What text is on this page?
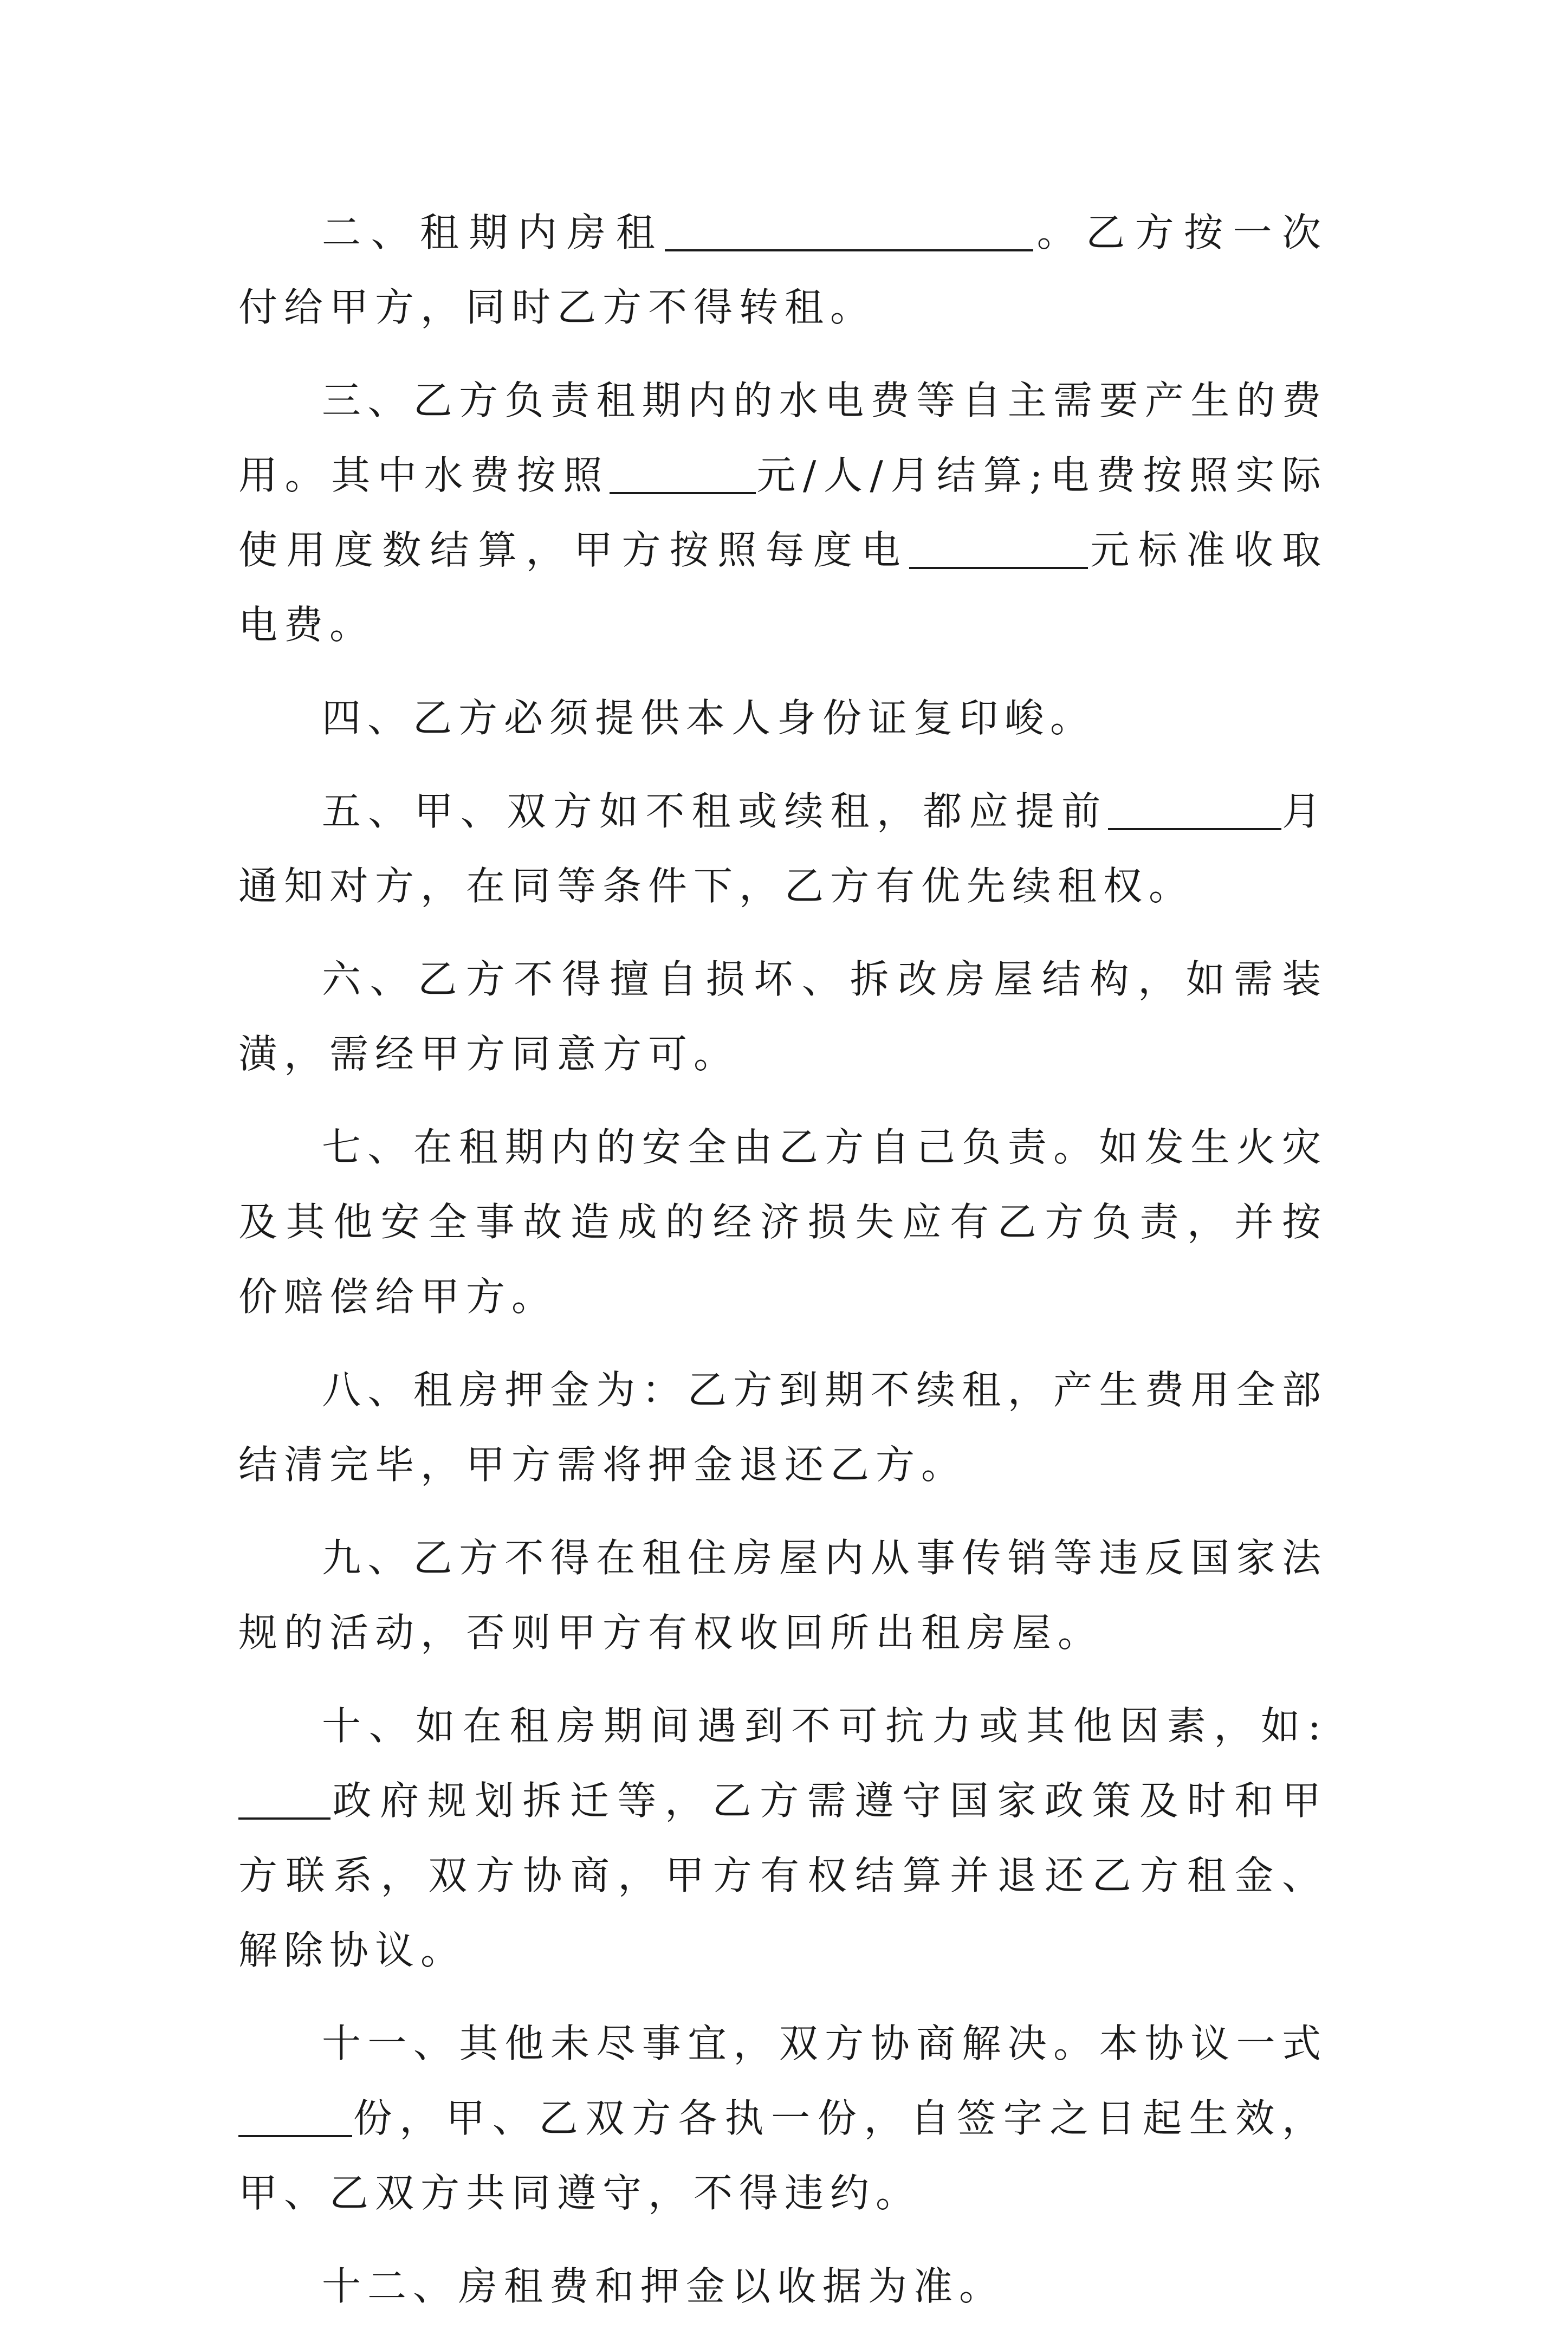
二、租期内房租	。乙方按一次付给甲方，同时乙方不得转租。

三、乙方负责租期内的水电费等自主需要产生的费用。其中水费按照	元/人/月结算;电费按照实际使用度数结算，甲方按照每度电	元标准收取电费。

四、乙方必须提供本人身份证复印峻。

五、甲、双方如不租或续租，都应提前	月通知对方，在同等条件下，乙方有优先续租权。

六、乙方不得擅自损坏、拆改房屋结构，如需装潢，需经甲方同意方可。

七、在租期内的安全由乙方自己负责。如发生火灾及其他安全事故造成的经济损失应有乙方负责，并按价赔偿给甲方。

八、租房押金为：乙方到期不续租，产生费用全部结清完毕，甲方需将押金退还乙方。

九、乙方不得在租住房屋内从事传销等违反国家法规的活动，否则甲方有权收回所出租房屋。

十、如在租房期间遇到不可抗力或其他因素，如:政府规划拆迁等，乙方需遵守国家政策及时和甲方联系，双方协商，甲方有权结算并退还乙方租金、解除协议。

十一、其他未尽事宜，双方协商解决。本协议一式份，甲、乙双方各执一份，自签字之日起生效，甲、乙双方共同遵守，不得违约。

十二、房租费和押金以收据为准。
